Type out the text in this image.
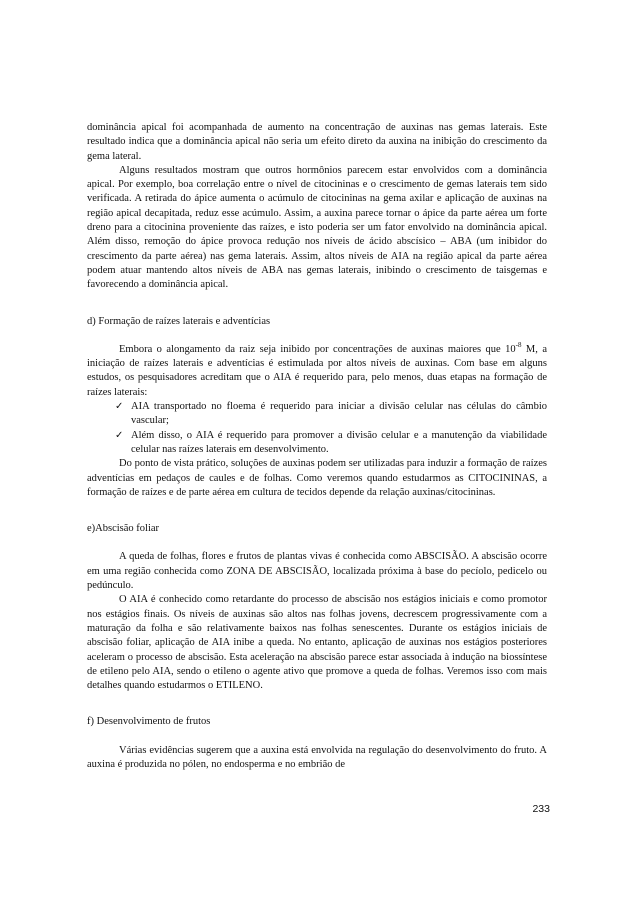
dominância apical foi acompanhada de aumento na concentração de auxinas nas gemas laterais. Este resultado indica que a dominância apical não seria um efeito direto da auxina na inibição do crescimento da gema lateral.

Alguns resultados mostram que outros hormônios parecem estar envolvidos com a dominância apical. Por exemplo, boa correlação entre o nível de citocininas e o crescimento de gemas laterais tem sido verificada. A retirada do ápice aumenta o acúmulo de citocininas na gema axilar e aplicação de auxinas na região apical decapitada, reduz esse acúmulo. Assim, a auxina parece tornar o ápice da parte aérea um forte dreno para a citocinina proveniente das raízes, e isto poderia ser um fator envolvido na dominância apical. Além disso, remoção do ápice provoca redução nos níveis de ácido abscísico – ABA (um inibidor do crescimento da parte aérea) nas gema laterais. Assim, altos níveis de AIA na região apical da parte aérea podem atuar mantendo altos níveis de ABA nas gemas laterais, inibindo o crescimento de taisgemas e favorecendo a dominância apical.

d) Formação de raízes laterais e adventícias

Embora o alongamento da raiz seja inibido por concentrações de auxinas maiores que $10^{-8}$ M, a iniciação de raízes laterais e adventícias é estimulada por altos níveis de auxinas. Com base em alguns estudos, os pesquisadores acreditam que o AIA é requerido para, pelo menos, duas etapas na formação de raízes laterais:

✓ AIA transportado no floema é requerido para iniciar a divisão celular nas células do câmbio vascular;
✓ Além disso, o AIA é requerido para promover a divisão celular e a manutenção da viabilidade celular nas raízes laterais em desenvolvimento.

Do ponto de vista prático, soluções de auxinas podem ser utilizadas para induzir a formação de raízes adventícias em pedaços de caules e de folhas. Como veremos quando estudarmos as CITOCININAS, a formação de raízes e de parte aérea em cultura de tecidos depende da relação auxinas/citocininas.

e)Abscisão foliar

A queda de folhas, flores e frutos de plantas vivas é conhecida como ABSCISÃO. A abscisão ocorre em uma região conhecida como ZONA DE ABSCISÃO, localizada próxima à base do pecíolo, pedicelo ou pedúnculo.

O AIA é conhecido como retardante do processo de abscisão nos estágios iniciais e como promotor nos estágios finais. Os níveis de auxinas são altos nas folhas jovens, decrescem progressivamente com a maturação da folha e são relativamente baixos nas folhas senescentes. Durante os estágios iniciais de abscisão foliar, aplicação de AIA inibe a queda. No entanto, aplicação de auxinas nos estágios posteriores aceleram o processo de abscisão. Esta aceleração na abscisão parece estar associada à indução na biossíntese de etileno pelo AIA, sendo o etileno o agente ativo que promove a queda de folhas. Veremos isso com mais detalhes quando estudarmos o ETILENO.

f) Desenvolvimento de frutos

Várias evidências sugerem que a auxina está envolvida na regulação do desenvolvimento do fruto. A auxina é produzida no pólen, no endosperma e no embrião de

233
